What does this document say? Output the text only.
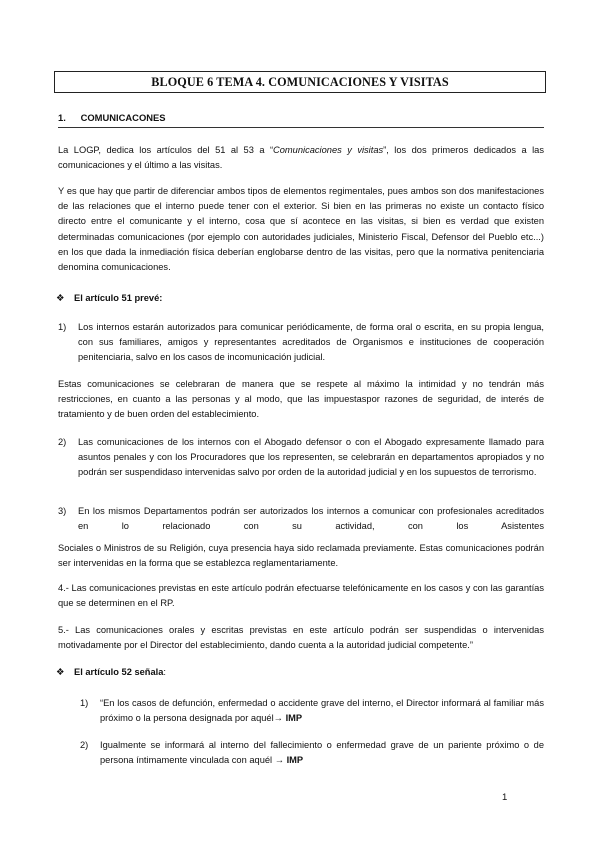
BLOQUE 6 TEMA 4. COMUNICACIONES Y VISITAS
1. COMUNICACONES
La LOGP, dedica los artículos del 51 al 53 a “Comunicaciones y visitas”, los dos primeros dedicados a las comunicaciones y el último a las visitas.
Y es que hay que partir de diferenciar ambos tipos de elementos regimentales, pues ambos son dos manifestaciones de las relaciones que el interno puede tener con el exterior. Si bien en las primeras no existe un contacto físico directo entre el comunicante y el interno, cosa que sí acontece en las visitas, si bien es verdad que existen determinadas comunicaciones (por ejemplo con autoridades judiciales, Ministerio Fiscal, Defensor del Pueblo etc...) en los que dada la inmediación física deberían englobarse dentro de las visitas, pero que la normativa penitenciaria denomina comunicaciones.
❖ El artículo 51 prevé:
1) Los internos estarán autorizados para comunicar periódicamente, de forma oral o escrita, en su propia lengua, con sus familiares, amigos y representantes acreditados de Organismos e instituciones de cooperación penitenciaria, salvo en los casos de incomunicación judicial.
Estas comunicaciones se celebraran de manera que se respete al máximo la intimidad y no tendrán más restricciones, en cuanto a las personas y al modo, que las impuestaspor razones de seguridad, de interés de tratamiento y de buen orden del establecimiento.
2) Las comunicaciones de los internos con el Abogado defensor o con el Abogado expresamente llamado para asuntos penales y con los Procuradores que los representen, se celebrarán en departamentos apropiados y no podrán ser suspendidaso intervenidas salvo por orden de la autoridad judicial y en los supuestos de terrorismo.
3) En los mismos Departamentos podrán ser autorizados los internos a comunicar con profesionales acreditados en lo relacionado con su actividad, con los Asistentes
Sociales o Ministros de su Religión, cuya presencia haya sido reclamada previamente. Estas comunicaciones podrán ser intervenidas en la forma que se establezca reglamentariamente.
4.- Las comunicaciones previstas en este artículo podrán efectuarse telefónicamente en los casos y con las garantías que se determinen en el RP.
5.- Las comunicaciones orales y escritas previstas en este artículo podrán ser suspendidas o intervenidas motivadamente por el Director del establecimiento, dando cuenta a la autoridad judicial competente.”
❖ El artículo 52 señala:
1) “En los casos de defunción, enfermedad o accidente grave del interno, el Director informará al familiar más próximo o la persona designada por aquél→ IMP
2) Igualmente se informará al interno del fallecimiento o enfermedad grave de un pariente próximo o de persona íntimamente vinculada con aquél → IMP
1
